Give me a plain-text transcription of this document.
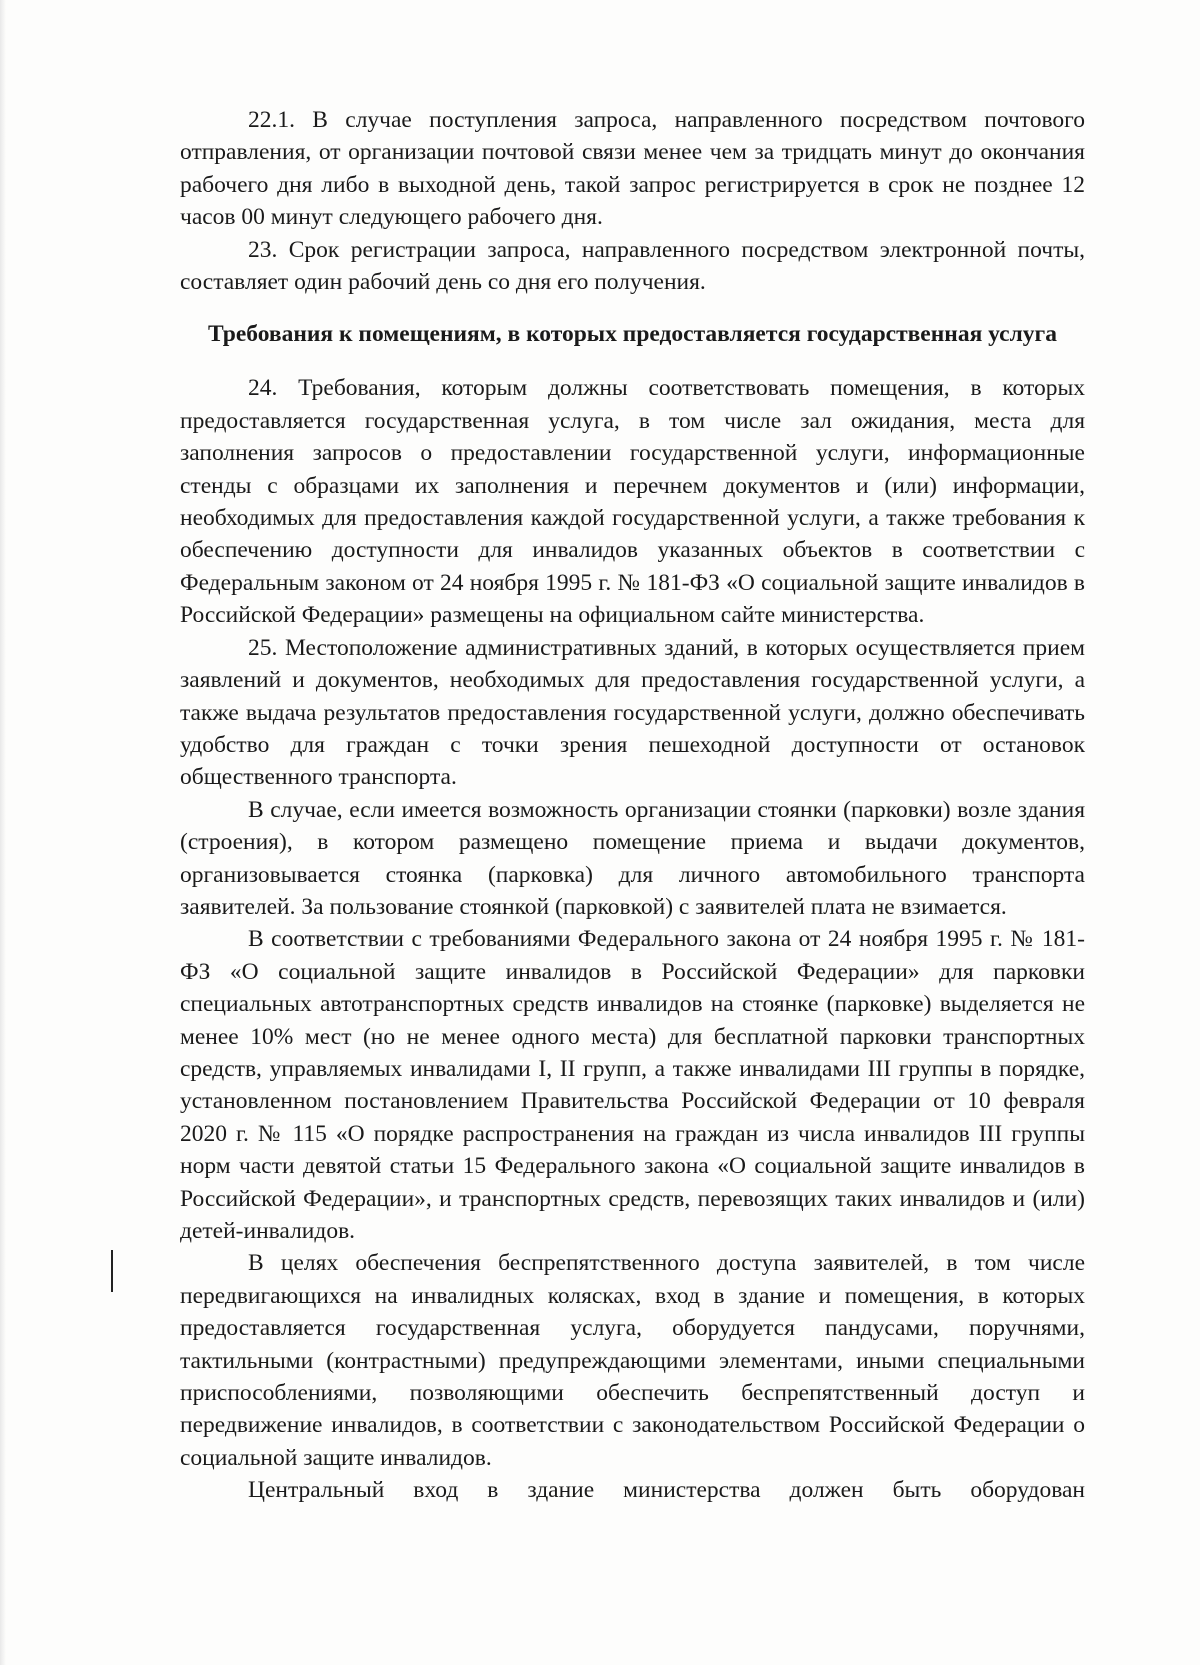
22.1. В случае поступления запроса, направленного посредством почтового отправления, от организации почтовой связи менее чем за тридцать минут до окончания рабочего дня либо в выходной день, такой запрос регистрируется в срок не позднее 12 часов 00 минут следующего рабочего дня.

23. Срок регистрации запроса, направленного посредством электронной почты, составляет один рабочий день со дня его получения.

Требования к помещениям, в которых предоставляется государственная услуга

24. Требования, которым должны соответствовать помещения, в которых предоставляется государственная услуга, в том числе зал ожидания, места для заполнения запросов о предоставлении государственной услуги, информационные стенды с образцами их заполнения и перечнем документов и (или) информации, необходимых для предоставления каждой государственной услуги, а также требования к обеспечению доступности для инвалидов указанных объектов в соответствии с Федеральным законом от 24 ноября 1995 г. № 181-ФЗ «О социальной защите инвалидов в Российской Федерации» размещены на официальном сайте министерства.

25. Местоположение административных зданий, в которых осуществляется прием заявлений и документов, необходимых для предоставления государственной услуги, а также выдача результатов предоставления государственной услуги, должно обеспечивать удобство для граждан с точки зрения пешеходной доступности от остановок общественного транспорта.

В случае, если имеется возможность организации стоянки (парковки) возле здания (строения), в котором размещено помещение приема и выдачи документов, организовывается стоянка (парковка) для личного автомобильного транспорта заявителей. За пользование стоянкой (парковкой) с заявителей плата не взимается.

В соответствии с требованиями Федерального закона от 24 ноября 1995 г. № 181-ФЗ «О социальной защите инвалидов в Российской Федерации» для парковки специальных автотранспортных средств инвалидов на стоянке (парковке) выделяется не менее 10% мест (но не менее одного места) для бесплатной парковки транспортных средств, управляемых инвалидами I, II групп, а также инвалидами III группы в порядке, установленном постановлением Правительства Российской Федерации от 10 февраля 2020 г. № 115 «О порядке распространения на граждан из числа инвалидов III группы норм части девятой статьи 15 Федерального закона «О социальной защите инвалидов в Российской Федерации», и транспортных средств, перевозящих таких инвалидов и (или) детей-инвалидов.

В целях обеспечения беспрепятственного доступа заявителей, в том числе передвигающихся на инвалидных колясках, вход в здание и помещения, в которых предоставляется государственная услуга, оборудуется пандусами, поручнями, тактильными (контрастными) предупреждающими элементами, иными специальными приспособлениями, позволяющими обеспечить беспрепятственный доступ и передвижение инвалидов, в соответствии с законодательством Российской Федерации о социальной защите инвалидов.

Центральный вход в здание министерства должен быть оборудован
